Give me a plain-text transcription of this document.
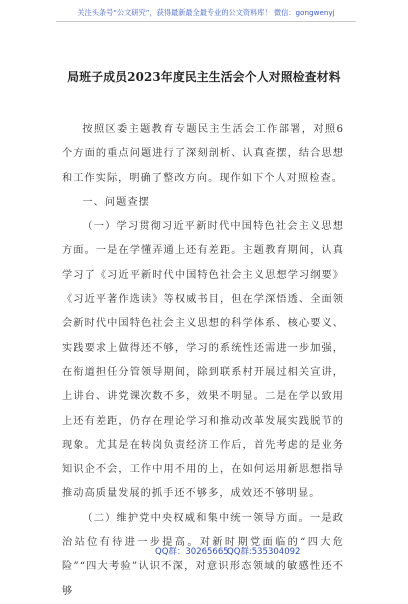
关注头条号“公文研究”，获得最新最全最专业的公文资料库！ 微信：gongwenyj
局班子成员2023年度民主生活会个人对照检查材料

按照区委主题教育专题民主生活会工作部署，对照6个方面的重点问题进行了深刻剖析、认真查摆，结合思想和工作实际，明确了整改方向。现作如下个人对照检查。

一、问题查摆

（一）学习贯彻习近平新时代中国特色社会主义思想方面。一是在学懂弄通上还有差距。主题教育期间，认真学习了《习近平新时代中国特色社会主义思想学习纲要》《习近平著作选读》等权威书目，但在学深悟透、全面领会新时代中国特色社会主义思想的科学体系、核心要义、实践要求上做得还不够，学习的系统性还需进一步加强，在衔道担任分管领导期间，除到联系村开展过相关宣讲，上讲台、讲党课次数不多，效果不明显。二是在学以致用上还有差距，仍存在理论学习和推动改革发展实践脱节的现象。尤其是在转岗负责经济工作后，首先考虑的是业务知识企不会，工作中用不用的上，在如何运用新思想指导推动高质量发展的抓手还不够多，成效还不够明显。

（二）维护党中央权威和集中统一领导方面。一是政治站位有待进一步提高。对新时期党面临的“四大危险”“四大考验”认识不深，对意识形态领域的敏感性还不够

QQ群：30265665
QQ群:535304092
